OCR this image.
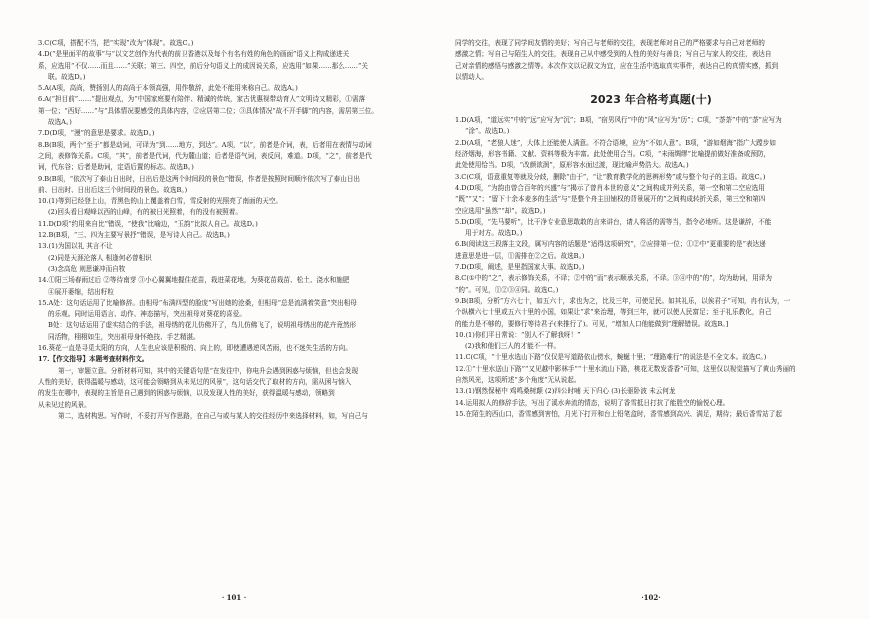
3.C(C项，搭配不当，把“实现”改为“体现”。故选C。)
4.D(“是里面平的故事”与“以文艺创作为代表的前卫香港以及每个有名有姓的角色的画面”语义上构成递进关
系，应选用“不仅……而且……”关联；第三、四空，前后分句语义上的成因说关系，应选用“如果……那么……”关
联。故选D。)
5.A(A项，高尚，赞扬别人的高尚于本领高强，用作敬辞，此处不能用来称自己。故选A。)
6.A(“担目前”……“提出观点，为“中国家庭要有陪伴、精诚的传统，家古优惠视带动育人”文明诗又精彩，①需落
第一位；“西好……”与“具体情况要感受的具体内容，②应居第二位；③具体情况“故不开手脚”的内容，需居第三位。
故选A。)
7.D(D项，“漫”的意思是要求。故选D。)
8.B(B项，两个“至于”都是动词，可译为“到……地方，到达”。A项，“以”，前者是介词，表，后者用在表情与动词
之间，表修饰关系。C项，“其”，前者是代词，代为麓山道；后者是语气词，表反问，难道。D项，“之”，前者是代
词，代东谷；后者是助词，定语后置的标志。故选B。)
9.B(B项，“依次写了泰山日出时，日出后是这两个时间段的景色”错误，作者是按照时间顺序依次写了泰山日出
前、日出时、日出后这三个时间段的景色。故选B。)
10.(1)等到已经登上山，青黑色的山上覆盖着白雪，雪反射的光照亮了南面的天空。
(2)回头看日观峰以西的山峰，有的被日光照着，有的没有被照着。
11.D(D项“约用来自比”错误，“使我”比喻边，“玉韵”比拟人自己。故选D。)
12.B(B项，“三、四为主要写景抒”错误，是写诗人自己。故选B。)
13.(1)为国以礼 其言不让
(2)同是天涯沦落人 相逢何必曾相识
(3)念高危 则思谦冲而自牧
14.①阳三场春雨过后 ②等待南芽 ③小心翼翼地握住花苗，栽进菜花地，为葵花苗栽苗、松土、浇水和施肥
④展开萎缩，结出籽粒
15.A处：这句话运用了比喻修辞。由相母“布满四型的脸庞”写出她的沧桑，但相母“总是流满着笑意”突出相母
的乐观。同时运用语言、动作、神态描写，突出祖母对葵花的喜爱。
B处：这句话运用了虚实结合的手法，祖母绣的花儿仿佛开了，鸟儿仿佛飞了，说明祖母绣出的花卉竟然形
同活物，栩栩如生，突出祖母身怀绝技、手艺精湛。
16.葵花一直是寻觅太阳的方向，人生也应该是积极的、向上的，即使遭遇逆风苦雨，也不迷失生活的方向。
17.【作文指导】本题考查材料作文。
第一，审题立意。分析材料可知，其中的关键语句是“在发往中，你电升会遇到困惑与烦恼，但也会发现
人性的美好，获得温暖与感动，这可能会领略到从未见过的风景”，这句话交代了取材的方向，需从困与恼入
的发生在哪中，表现的主旨是自己遇到的困惑与烦恼，以及发现人性的美好，获得温暖与感动，领略到
从未见过的风景。
第二，选材构思。写作时，不妥打开写作思路，在自己与或与某人的交往经历中来选择材料，如，写自己与
· 101 ·
同学的交往，表现了同学间友情的美好；写自己与老师的交往，表现老师对自己的严格要求与自己对老师的
感激之情；写自己与陌生人的交往，表现自己从中感受到的人性的美好与善良；写自己与家人的交往，表达自
己对亲情的感悟与感激之情等。本次作文以记叙文为宜，应在生活中选取真实事件，表达自己的真情实感，抓到
以情动人。
2023 年合格考真题(十)
1.D(A项，“道远实”中的“远”应写为“沉”；B项，“宿男风行”中的“风”应写为“历”；C项，“荼荼”中的“荼”应写为
“涂”。故选D。)
2.D(A项，“老狼人迷”，大体上还能使人满意。不符合语境，应为“不如人意”。B项，“游如烟海”指广大蹚步如
经济烟海，形容书籍、文献、资料等极为丰富。此处使用合当。C项，“未雨绸缪”比喻提前做好准备或预防，
此处使用恰当。D项，“改颜欲润”，原形容水面过渡，现比喻声势浩大。故选A。)
3.C(C项，语意重复等就及分歧，删除“由于”，“让”教育教学化的思辨形势”或与整个句子的主语。故选C。)
4.D(D项，“为韵由曾合百年的兴盛”与“揭示了曾肖本世的意义”之间构成并列关系，第一空和第二空应选用
“既”“又”；“留下十余本麦多的生活”与“是整个舟主田铺权的背景展开的”之间构成转折关系，第三空和第四
空应选用“虽然”“却”。故选D。)
5.D(D项，“先马要听”，比干净专业意思敢敢的言来讲台，请人将活的需等当，指令必地听。这是谦辞，不能
用于对方。故选D。)
6.B(阅读这三段落主文段，属写内容的话题是“适得这项研究”，②应排第一位；①②中“更重要的是”表达递
进意思是进一层，①需排在②之后。故选B。)
7.D(D项，阐述，是里指国家大事。故选D。)
8.C(①中的“之”，表示修饰关系，不译；②中的“而”表示顺承关系，不译。③④中的“的”，均为助词，用译为
“的”。可见，①②③④同。故选C。)
9.B(B项，分析“方六七十，如五六十，求也为之，比及三年，可使足民。如其礼乐，以俟君子”可知，冉有认为，一
个纵横六七十里或五六十里的小国，如果让“求”来治理，等到三年，就可以使人民富足；至于礼乐教化，自己
的能力是不够的，要修行等待君子(来推行了)。可见，“增加人口他能做到”理解错误。故选B。]
10.(1)你们平日常说：“别人不了解我呀！”
(2)我和他们三人的才能不一样。
11.C(C项，“十里水选山下路”仅仅是写道路依山傍水，蜿蜒十里；“理路难行”的说法是不全文本。故选C。)
12.①“十里水送山下路”“又见越中影林手”“十里水流山下路，桃花无数发香香”可知，这里仅以视觉描写了黄山秀丽的
自然风光，这项所述“多个角度”无从说起。
13.(1)钢然保秘中 鸡鸣桑树颠 (2)四公时哺 天下归心 (3)长驱卧波 未云何龙
14.运用拟人的修辞手法，写出了溪水奔流的情态，说明了香雪抵日打抗了能胜空的愉悦心理。
15.在陌生的西山口，香雪感到害怕，月光下打开和台上铅笔盒时，香雪感到高兴、满足，期待；最后香雪站了起
·102·
